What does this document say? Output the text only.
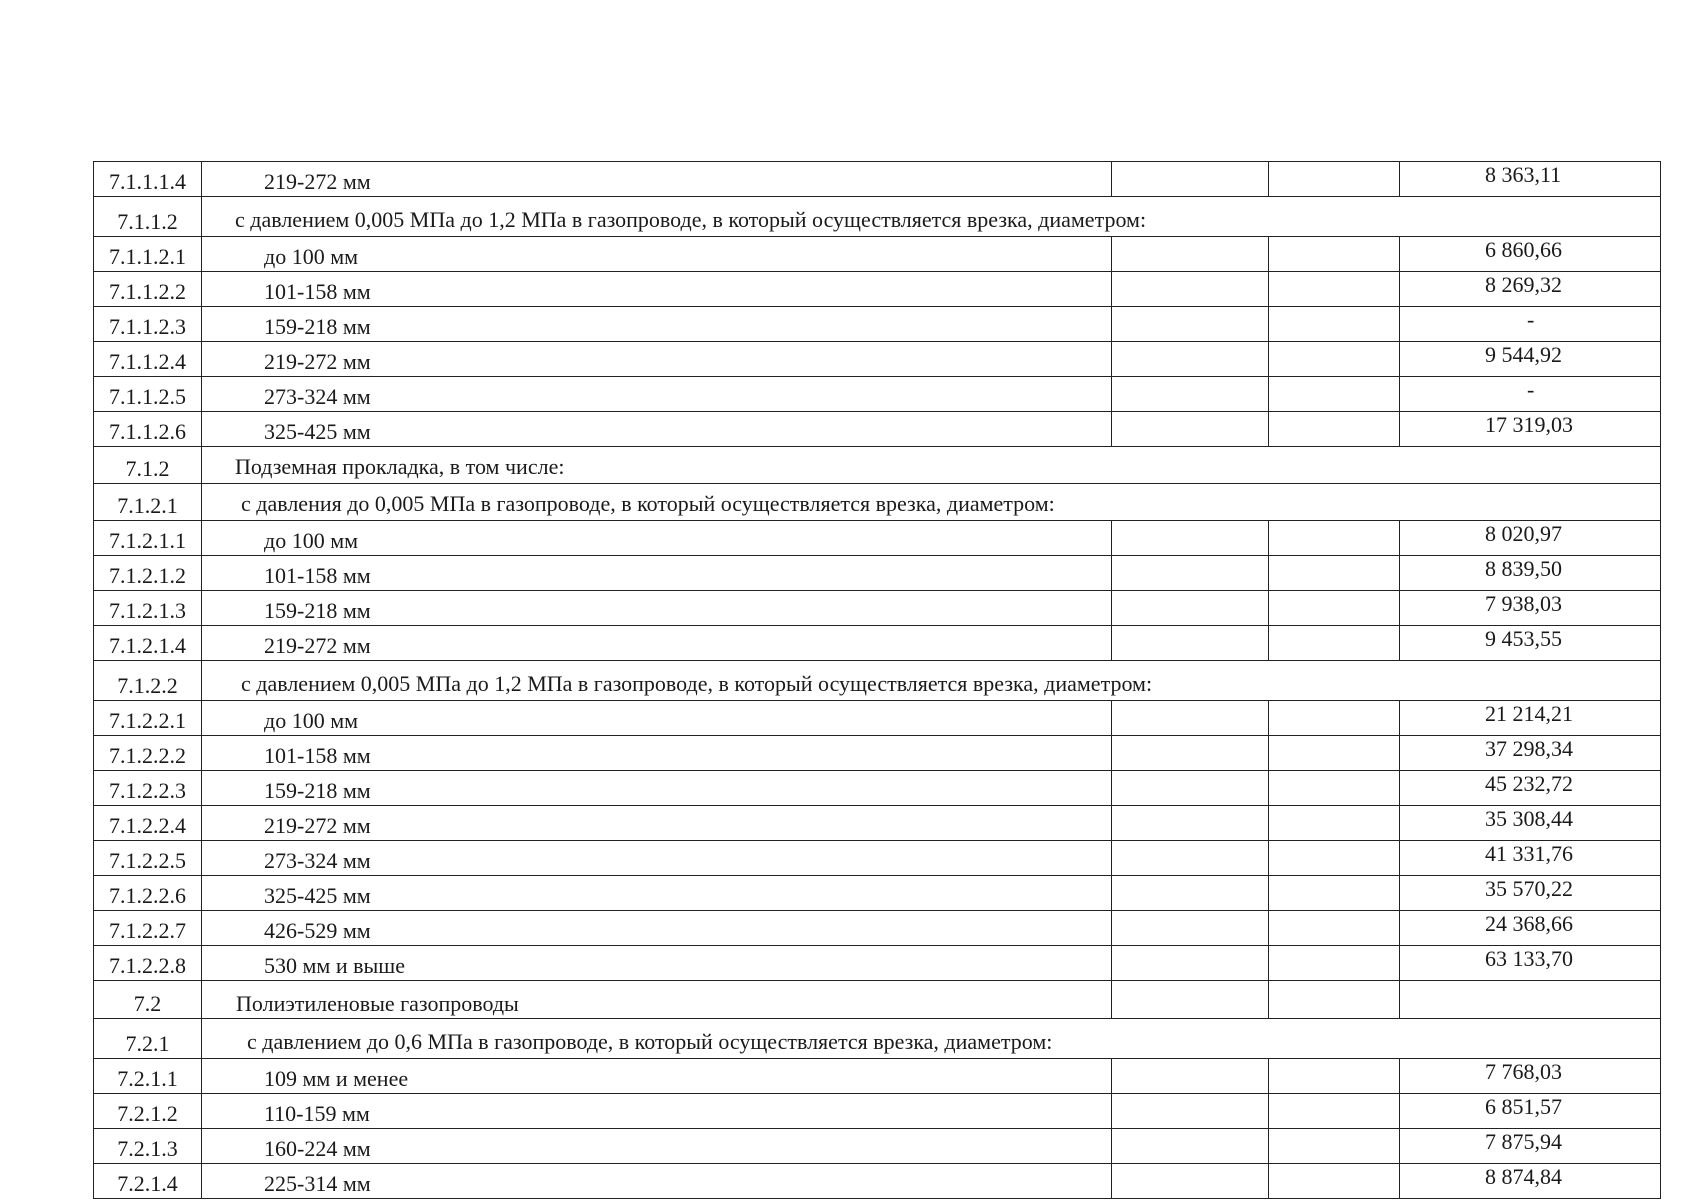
7.1.1.1.4	219-272 мм			8 363,11
7.1.1.2	с давлением 0,005 МПа до 1,2 МПа в газопроводе, в который осуществляется врезка, диаметром:			
7.1.1.2.1	до 100 мм			6 860,66
7.1.1.2.2	101-158 мм			8 269,32
7.1.1.2.3	159-218 мм			-
7.1.1.2.4	219-272 мм			9 544,92
7.1.1.2.5	273-324 мм			-
7.1.1.2.6	325-425 мм			17 319,03
7.1.2	Подземная прокладка, в том числе:			
7.1.2.1	с давления до 0,005 МПа в газопроводе, в который осуществляется врезка, диаметром:			
7.1.2.1.1	до 100 мм			8 020,97
7.1.2.1.2	101-158 мм			8 839,50
7.1.2.1.3	159-218 мм			7 938,03
7.1.2.1.4	219-272 мм			9 453,55
7.1.2.2	с давлением 0,005 МПа до 1,2 МПа в газопроводе, в который осуществляется врезка, диаметром:			
7.1.2.2.1	до 100 мм			21 214,21
7.1.2.2.2	101-158 мм			37 298,34
7.1.2.2.3	159-218 мм			45 232,72
7.1.2.2.4	219-272 мм			35 308,44
7.1.2.2.5	273-324 мм			41 331,76
7.1.2.2.6	325-425 мм			35 570,22
7.1.2.2.7	426-529 мм			24 368,66
7.1.2.2.8	530 мм и выше			63 133,70
7.2	Полиэтиленовые газопроводы			
7.2.1	с давлением до 0,6 МПа в газопроводе, в который осуществляется врезка, диаметром:			
7.2.1.1	109 мм и менее			7 768,03
7.2.1.2	110-159 мм			6 851,57
7.2.1.3	160-224 мм			7 875,94
7.2.1.4	225-314 мм			8 874,84
